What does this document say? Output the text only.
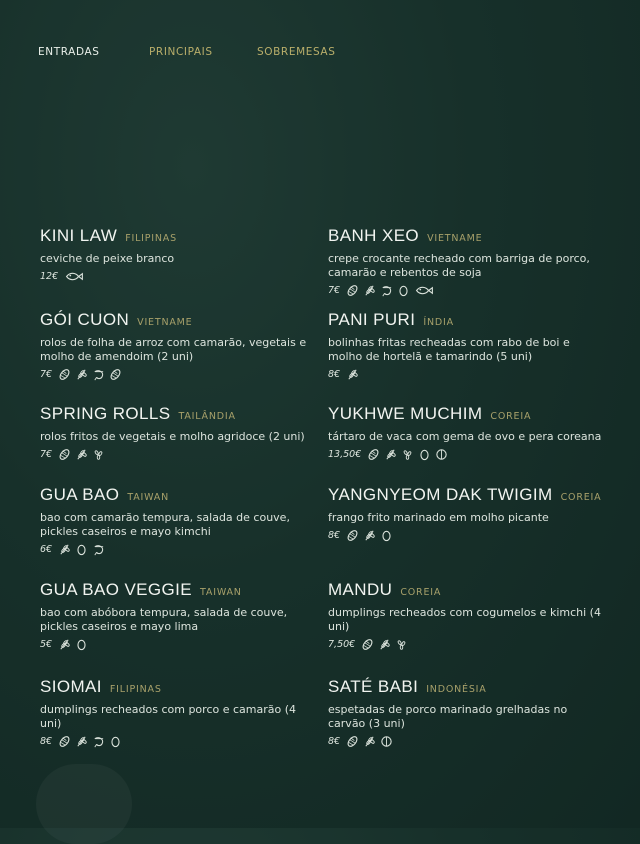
ENTRADAS	PRINCIPAIS	SOBREMESAS
KINI LAW FILIPINAS
ceviche de peixe branco
12€
BANH XEO VIETNAME
crepe crocante recheado com barriga de porco, camarão e rebentos de soja
7€
GÓI CUON VIETNAME
rolos de folha de arroz com camarão, vegetais e molho de amendoim (2 uni)
7€
PANI PURI ÍNDIA
bolinhas fritas recheadas com rabo de boi e molho de hortelã e tamarindo (5 uni)
8€
SPRING ROLLS TAILÂNDIA
rolos fritos de vegetais e molho agridoce (2 uni)
7€
YUKHWE MUCHIM COREIA
tártaro de vaca com gema de ovo e pera coreana
13,50€
GUA BAO TAIWAN
bao com camarão tempura, salada de couve, pickles caseiros e mayo kimchi
6€
YANGNYEOM DAK TWIGIM COREIA
frango frito marinado em molho picante
8€
GUA BAO VEGGIE TAIWAN
bao com abóbora tempura, salada de couve, pickles caseiros e mayo lima
5€
MANDU COREIA
dumplings recheados com cogumelos e kimchi (4 uni)
7,50€
SIOMAI FILIPINAS
dumplings recheados com porco e camarão (4 uni)
8€
SATÉ BABI INDONÉSIA
espetadas de porco marinado grelhadas no carvão (3 uni)
8€
